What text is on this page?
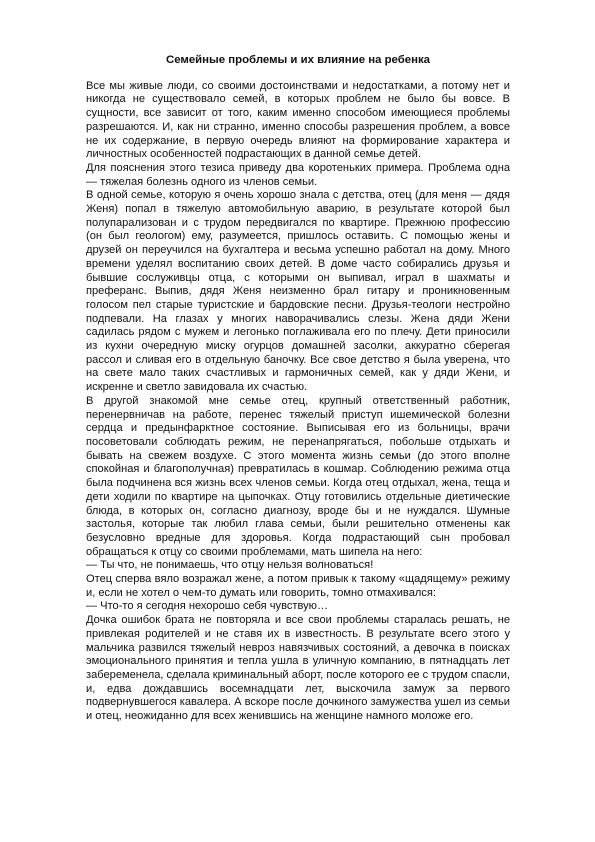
Семейные проблемы и их влияние на ребенка

Все мы живые люди, со своими достоинствами и недостатками, а потому нет и никогда не существовало семей, в которых проблем не было бы вовсе. В сущности, все зависит от того, каким именно способом имеющиеся проблемы разрешаются. И, как ни странно, именно способы разрешения проблем, а вовсе не их содержание, в первую очередь влияют на формирование характера и личностных особенностей подрастающих в данной семье детей.

Для пояснения этого тезиса приведу два коротеньких примера. Проблема одна — тяжелая болезнь одного из членов семьи.

В одной семье, которую я очень хорошо знала с детства, отец (для меня — дядя Женя) попал в тяжелую автомобильную аварию, в результате которой был полупарализован и с трудом передвигался по квартире. Прежнюю профессию (он был геологом) ему, разумеется, пришлось оставить. С помощью жены и друзей он переучился на бухгалтера и весьма успешно работал на дому. Много времени уделял воспитанию своих детей. В доме часто собирались друзья и бывшие сослуживцы отца, с которыми он выпивал, играл в шахматы и преферанс. Выпив, дядя Женя неизменно брал гитару и проникновенным голосом пел старые туристские и бардовские песни. Друзья-теологи нестройно подпевали. На глазах у многих наворачивались слезы. Жена дяди Жени садилась рядом с мужем и легонько поглаживала его по плечу. Дети приносили из кухни очередную миску огурцов домашней засолки, аккуратно сберегая рассол и сливая его в отдельную баночку. Все свое детство я была уверена, что на свете мало таких счастливых и гармоничных семей, как у дяди Жени, и искренне и светло завидовала их счастью.

В другой знакомой мне семье отец, крупный ответственный работник, перенервничав на работе, перенес тяжелый приступ ишемической болезни сердца и предынфарктное состояние. Выписывая его из больницы, врачи посоветовали соблюдать режим, не перенапрягаться, побольше отдыхать и бывать на свежем воздухе. С этого момента жизнь семьи (до этого вполне спокойная и благополучная) превратилась в кошмар. Соблюдению режима отца была подчинена вся жизнь всех членов семьи. Когда отец отдыхал, жена, теща и дети ходили по квартире на цыпочках. Отцу готовились отдельные диетические блюда, в которых он, согласно диагнозу, вроде бы и не нуждался. Шумные застолья, которые так любил глава семьи, были решительно отменены как безусловно вредные для здоровья. Когда подрастающий сын пробовал обращаться к отцу со своими проблемами, мать шипела на него:

— Ты что, не понимаешь, что отцу нельзя волноваться!

Отец сперва вяло возражал жене, а потом привык к такому «щадящему» режиму и, если не хотел о чем-то думать или говорить, томно отмахивался:

— Что-то я сегодня нехорошо себя чувствую…

Дочка ошибок брата не повторяла и все свои проблемы старалась решать, не привлекая родителей и не ставя их в известность. В результате всего этого у мальчика развился тяжелый невроз навязчивых состояний, а девочка в поисках эмоционального принятия и тепла ушла в уличную компанию, в пятнадцать лет забеременела, сделала криминальный аборт, после которого ее с трудом спасли, и, едва дождавшись восемнадцати лет, выскочила замуж за первого подвернувшегося кавалера. А вскоре после дочкиного замужества ушел из семьи и отец, неожиданно для всех женившись на женщине намного моложе его.
